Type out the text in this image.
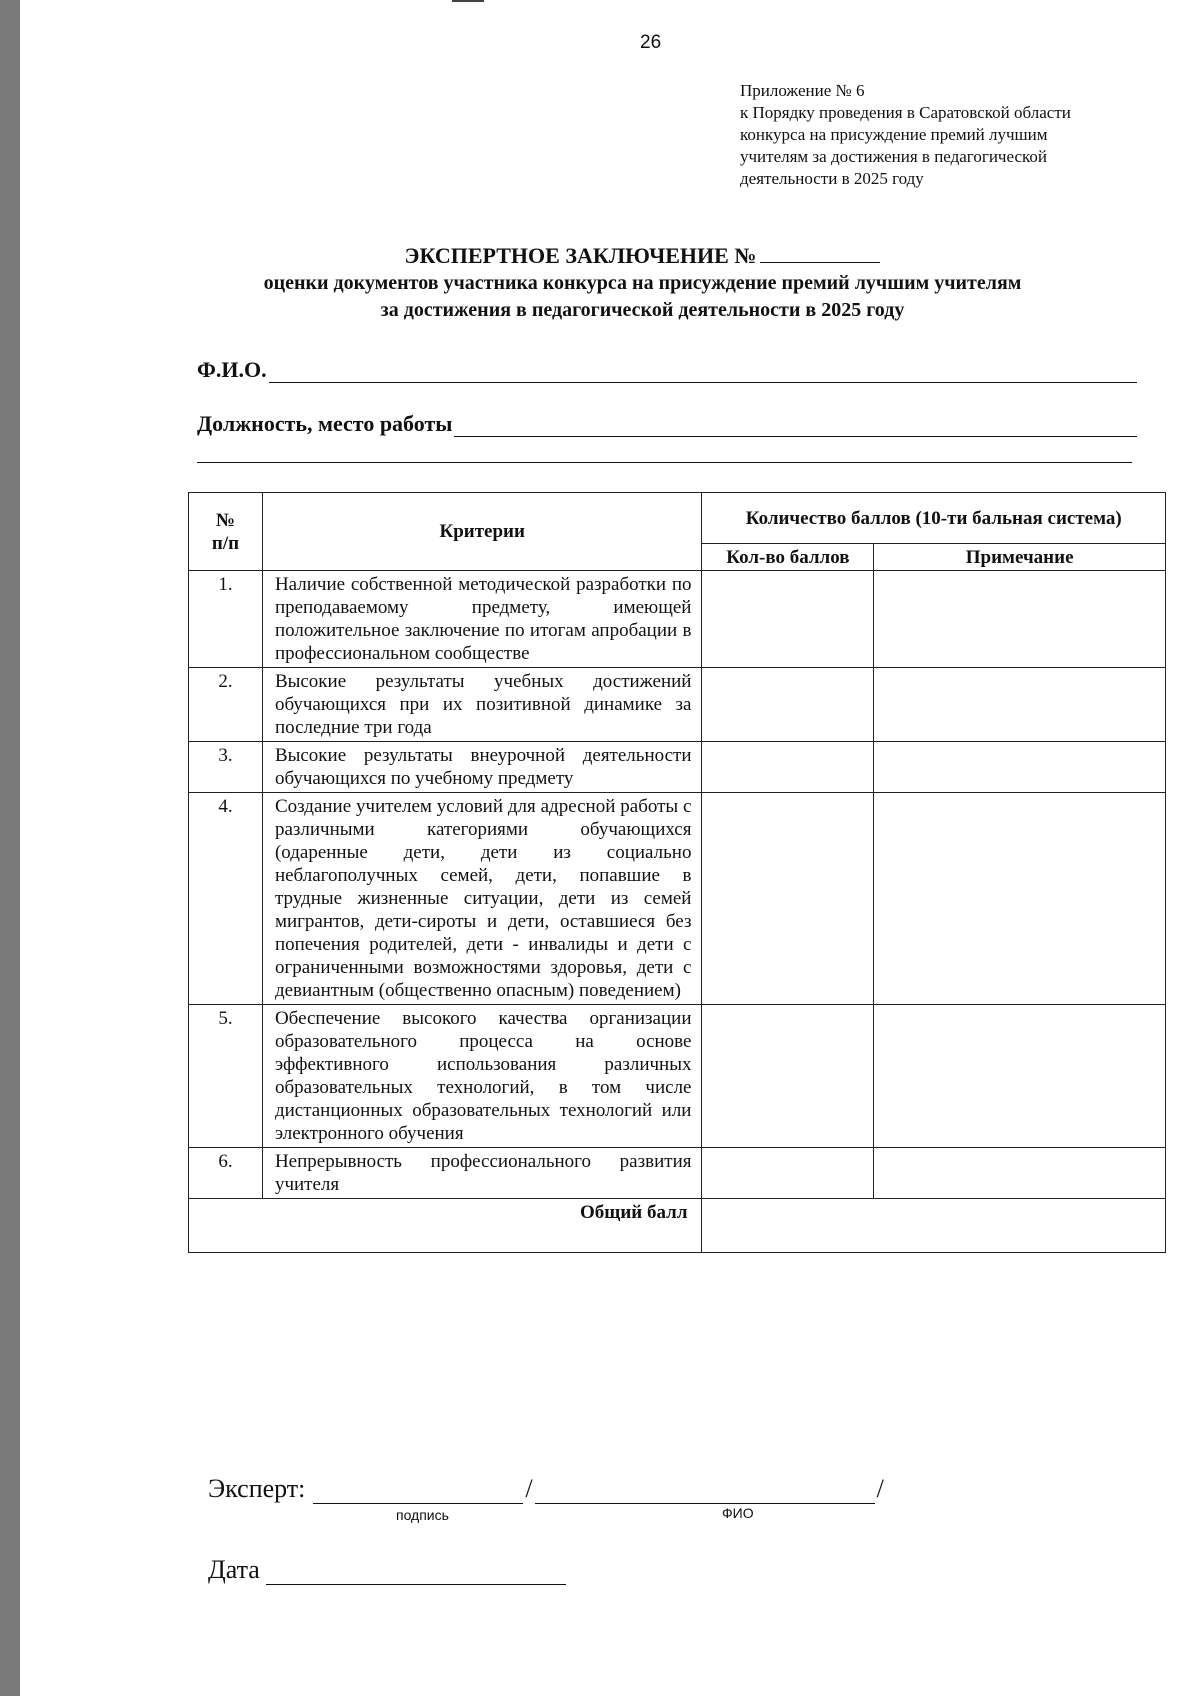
26
Приложение № 6
к Порядку проведения в Саратовской области
конкурса на присуждение премий лучшим
учителям за достижения в педагогической
деятельности в 2025 году
ЭКСПЕРТНОЕ ЗАКЛЮЧЕНИЕ №
оценки документов участника конкурса на присуждение премий лучшим учителям
за достижения в педагогической деятельности в 2025 году
Ф.И.О.
Должность, место работы
№ п/п	Критерии	Количество баллов (10-ти бальная система)	
		Кол-во баллов	Примечание
1.	Наличие собственной методической разработки по преподаваемому предмету, имеющей положительное заключение по итогам апробации в профессиональном сообществе		
2.	Высокие результаты учебных достижений обучающихся при их позитивной динамике за последние три года		
3.	Высокие результаты внеурочной деятельности обучающихся по учебному предмету		
4.	Создание учителем условий для адресной работы с различными категориями обучающихся (одаренные дети, дети из социально неблагополучных семей, дети, попавшие в трудные жизненные ситуации, дети из семей мигрантов, дети-сироты и дети, оставшиеся без попечения родителей, дети - инвалиды и дети с ограниченными возможностями здоровья, дети с девиантным (общественно опасным) поведением)		
5.	Обеспечение высокого качества организации образовательного процесса на основе эффективного использования различных образовательных технологий, в том числе дистанционных образовательных технологий или электронного обучения		
6.	Непрерывность профессионального развития учителя		
Общий балл			
Эксперт:	/	/
подпись	ФИО
Дата
